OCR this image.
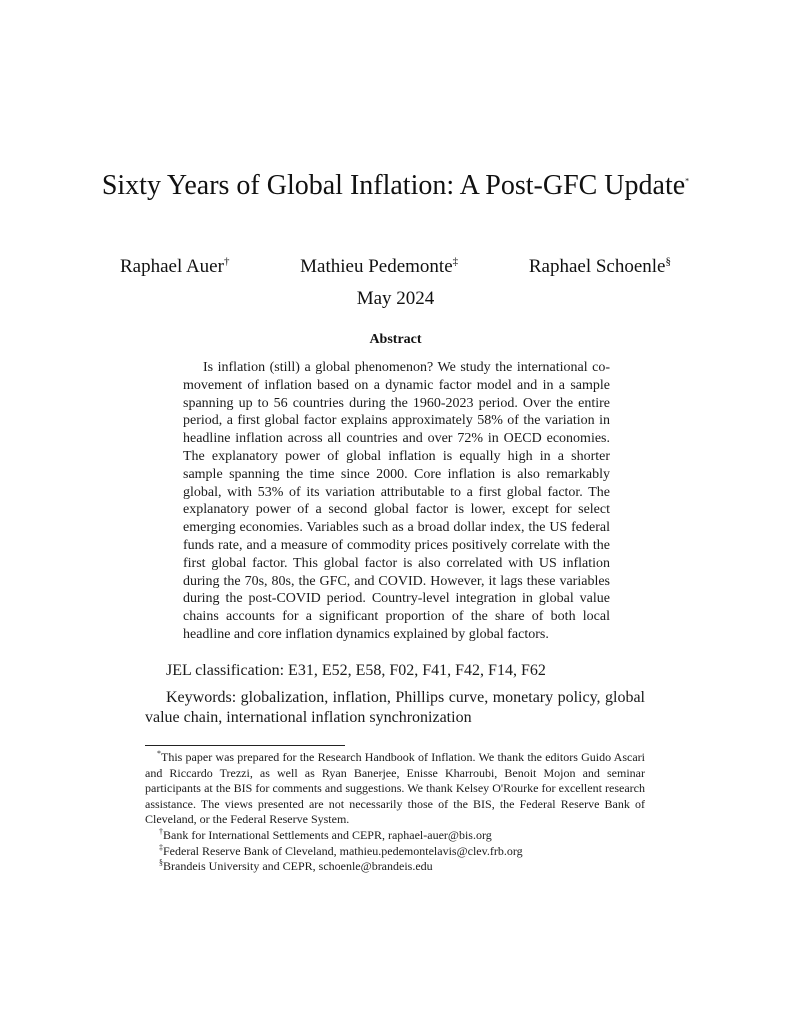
Sixty Years of Global Inflation: A Post-GFC Update*
Raphael Auer†	Mathieu Pedemonte‡	Raphael Schoenle§
May 2024
Abstract
Is inflation (still) a global phenomenon? We study the international co-movement of inflation based on a dynamic factor model and in a sample spanning up to 56 countries during the 1960-2023 period. Over the entire period, a first global factor explains approximately 58% of the variation in headline inflation across all countries and over 72% in OECD economies. The explanatory power of global inflation is equally high in a shorter sample spanning the time since 2000. Core inflation is also remarkably global, with 53% of its variation attributable to a first global factor. The explanatory power of a second global factor is lower, except for select emerging economies. Variables such as a broad dollar index, the US federal funds rate, and a measure of commodity prices positively correlate with the first global factor. This global factor is also correlated with US inflation during the 70s, 80s, the GFC, and COVID. However, it lags these variables during the post-COVID period. Country-level integration in global value chains accounts for a significant proportion of the share of both local headline and core inflation dynamics explained by global factors.
JEL classification: E31, E52, E58, F02, F41, F42, F14, F62
Keywords: globalization, inflation, Phillips curve, monetary policy, global value chain, international inflation synchronization
*This paper was prepared for the Research Handbook of Inflation. We thank the editors Guido Ascari and Riccardo Trezzi, as well as Ryan Banerjee, Enisse Kharroubi, Benoit Mojon and seminar participants at the BIS for comments and suggestions. We thank Kelsey O'Rourke for excellent research assistance. The views presented are not necessarily those of the BIS, the Federal Reserve Bank of Cleveland, or the Federal Reserve System.
†Bank for International Settlements and CEPR, raphael-auer@bis.org
‡Federal Reserve Bank of Cleveland, mathieu.pedemontelavis@clev.frb.org
§Brandeis University and CEPR, schoenle@brandeis.edu
